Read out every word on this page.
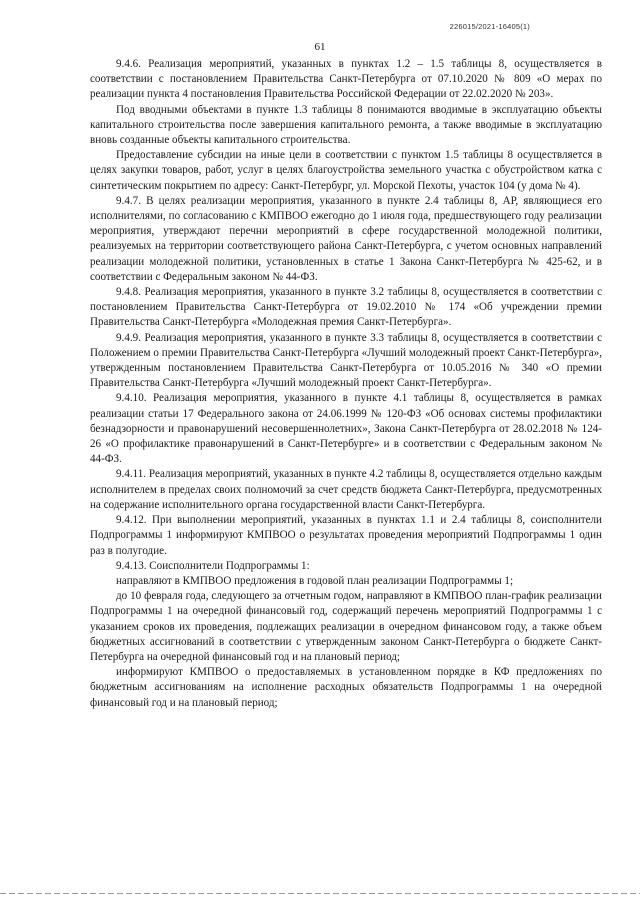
226015/2021-16405(1)
61

9.4.6. Реализация мероприятий, указанных в пунктах 1.2 – 1.5 таблицы 8, осуществляется в соответствии с постановлением Правительства Санкт-Петербурга от 07.10.2020 № 809 «О мерах по реализации пункта 4 постановления Правительства Российской Федерации от 22.02.2020 № 203».

Под вводными объектами в пункте 1.3 таблицы 8 понимаются вводимые в эксплуатацию объекты капитального строительства после завершения капитального ремонта, а также вводимые в эксплуатацию вновь созданные объекты капитального строительства.

Предоставление субсидии на иные цели в соответствии с пунктом 1.5 таблицы 8 осуществляется в целях закупки товаров, работ, услуг в целях благоустройства земельного участка с обустройством катка с синтетическим покрытием по адресу: Санкт-Петербург, ул. Морской Пехоты, участок 104 (у дома № 4).

9.4.7. В целях реализации мероприятия, указанного в пункте 2.4 таблицы 8, АР, являющиеся его исполнителями, по согласованию с КМПВОО ежегодно до 1 июля года, предшествующего году реализации мероприятия, утверждают перечни мероприятий в сфере государственной молодежной политики, реализуемых на территории соответствующего района Санкт-Петербурга, с учетом основных направлений реализации молодежной политики, установленных в статье 1 Закона Санкт-Петербурга № 425-62, и в соответствии с Федеральным законом № 44-ФЗ.

9.4.8. Реализация мероприятия, указанного в пункте 3.2 таблицы 8, осуществляется в соответствии с постановлением Правительства Санкт-Петербурга от 19.02.2010 № 174 «Об учреждении премии Правительства Санкт-Петербурга «Молодежная премия Санкт-Петербурга».

9.4.9. Реализация мероприятия, указанного в пункте 3.3 таблицы 8, осуществляется в соответствии с Положением о премии Правительства Санкт-Петербурга «Лучший молодежный проект Санкт-Петербурга», утвержденным постановлением Правительства Санкт-Петербурга от 10.05.2016 № 340 «О премии Правительства Санкт-Петербурга «Лучший молодежный проект Санкт-Петербурга».

9.4.10. Реализация мероприятия, указанного в пункте 4.1 таблицы 8, осуществляется в рамках реализации статьи 17 Федерального закона от 24.06.1999 № 120-ФЗ «Об основах системы профилактики безнадзорности и правонарушений несовершеннолетних», Закона Санкт-Петербурга от 28.02.2018 № 124-26 «О профилактике правонарушений в Санкт-Петербурге» и в соответствии с Федеральным законом № 44-ФЗ.

9.4.11. Реализация мероприятий, указанных в пункте 4.2 таблицы 8, осуществляется отдельно каждым исполнителем в пределах своих полномочий за счет средств бюджета Санкт-Петербурга, предусмотренных на содержание исполнительного органа государственной власти Санкт-Петербурга.

9.4.12. При выполнении мероприятий, указанных в пунктах 1.1 и 2.4 таблицы 8, соисполнители Подпрограммы 1 информируют КМПВОО о результатах проведения мероприятий Подпрограммы 1 один раз в полугодие.

9.4.13. Соисполнители Подпрограммы 1:

направляют в КМПВОО предложения в годовой план реализации Подпрограммы 1;

до 10 февраля года, следующего за отчетным годом, направляют в КМПВОО план-график реализации Подпрограммы 1 на очередной финансовый год, содержащий перечень мероприятий Подпрограммы 1 с указанием сроков их проведения, подлежащих реализации в очередном финансовом году, а также объем бюджетных ассигнований в соответствии с утвержденным законом Санкт-Петербурга о бюджете Санкт-Петербурга на очередной финансовый год и на плановый период;

информируют КМПВОО о предоставляемых в установленном порядке в КФ предложениях по бюджетным ассигнованиям на исполнение расходных обязательств Подпрограммы 1 на очередной финансовый год и на плановый период;
